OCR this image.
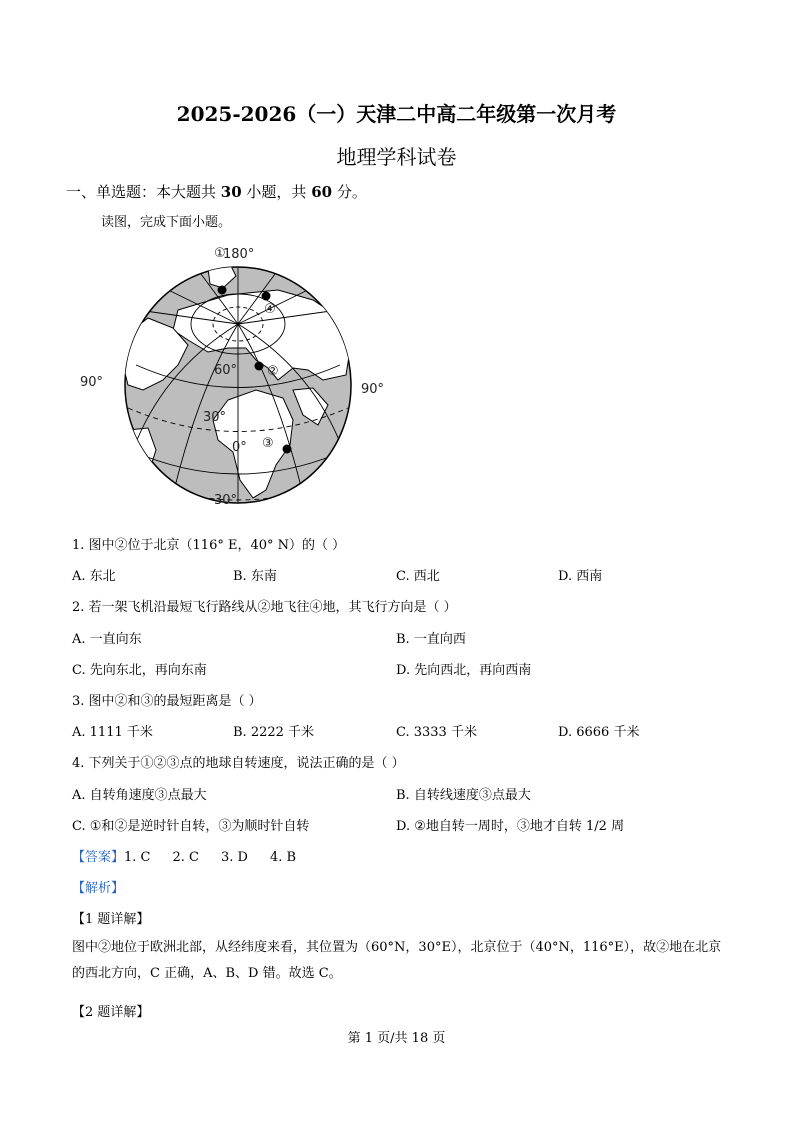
2025-2026（一）天津二中高二年级第一次月考
地理学科试卷
一、单选题：本大题共 30 小题，共 60 分。
读图，完成下面小题。
180°
90°	90°
60°
30°
0°
30°
①
④
②
③
1. 图中②位于北京（116° E，40° N）的（ ）
A. 东北	B. 东南	C. 西北	D. 西南
2. 若一架飞机沿最短飞行路线从②地飞往④地，其飞行方向是（ ）
A. 一直向东	B. 一直向西
C. 先向东北，再向东南	D. 先向西北，再向西南
3. 图中②和③的最短距离是（ ）
A. 1111 千米	B. 2222 千米	C. 3333 千米	D. 6666 千米
4. 下列关于①②③点的地球自转速度，说法正确的是（ ）
A. 自转角速度③点最大	B. 自转线速度③点最大
C. ①和②是逆时针自转，③为顺时针自转	D. ②地自转一周时，③地才自转 1/2 周
【答案】1. C 2. C 3. D 4. B
【解析】
【1 题详解】
图中②地位于欧洲北部，从经纬度来看，其位置为（60°N，30°E），北京位于（40°N，116°E），故②地在北京的西北方向，C 正确，A、B、D 错。故选 C。
【2 题详解】
第 1 页/共 18 页
